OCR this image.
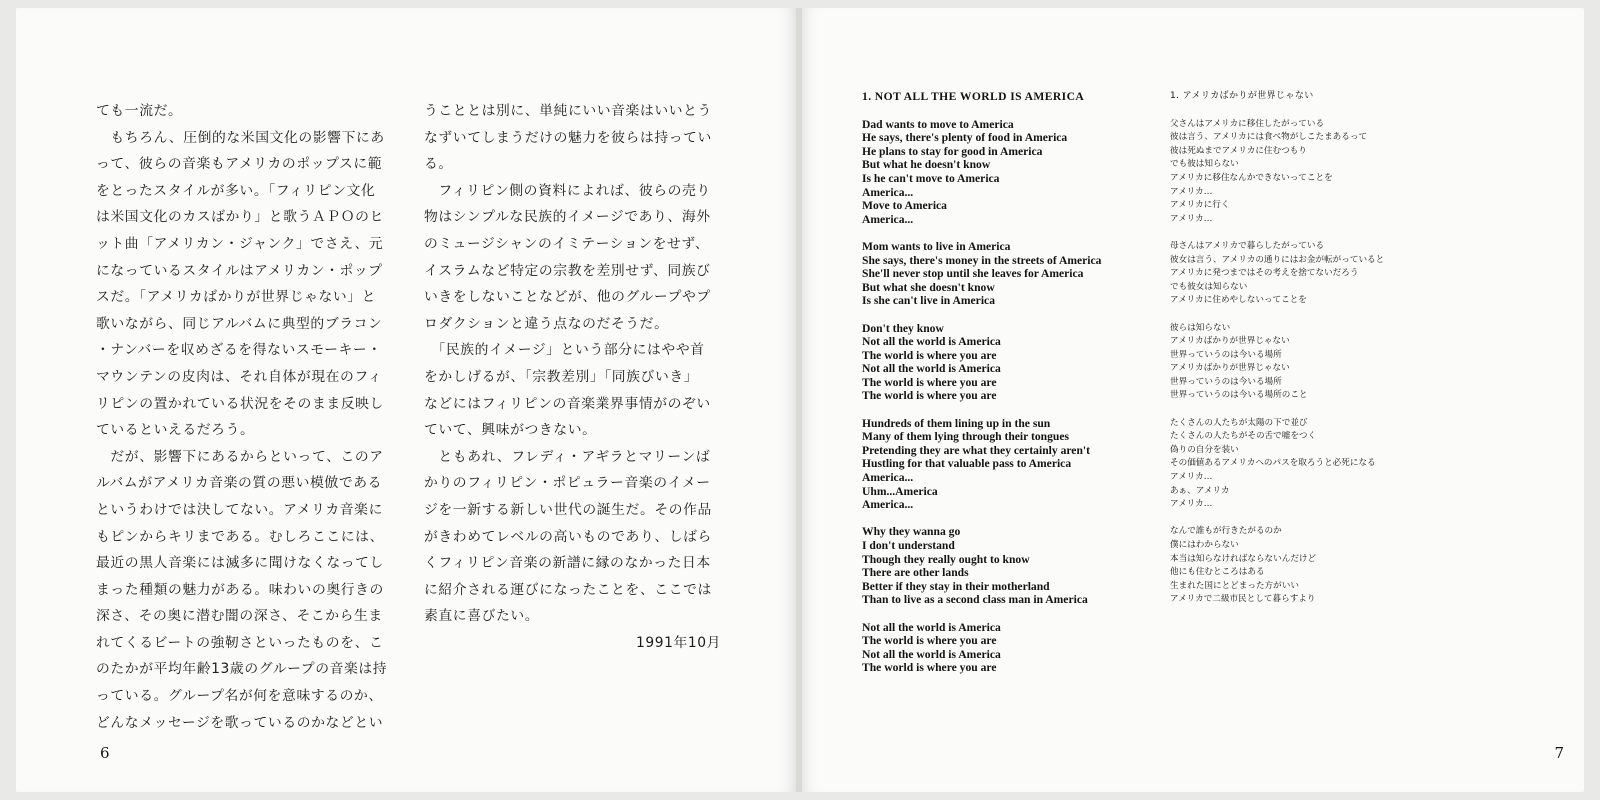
ても一流だ。

　もちろん、圧倒的な米国文化の影響下にあ

って、彼らの音楽もアメリカのポップスに範

をとったスタイルが多い。「フィリピン文化

は米国文化のカスばかり」と歌うＡＰＯのヒ

ット曲「アメリカン・ジャンク」でさえ、元

になっているスタイルはアメリカン・ポップ

スだ。「アメリカばかりが世界じゃない」と

歌いながら、同じアルバムに典型的ブラコン

・ナンバーを収めざるを得ないスモーキー・

マウンテンの皮肉は、それ自体が現在のフィ

リピンの置かれている状況をそのまま反映し

ているといえるだろう。

　だが、影響下にあるからといって、このア

ルバムがアメリカ音楽の質の悪い模倣である

というわけでは決してない。アメリカ音楽に

もピンからキリまである。むしろここには、

最近の黒人音楽には滅多に聞けなくなってし

まった種類の魅力がある。味わいの奥行きの

深さ、その奥に潜む闇の深さ、そこから生ま

れてくるビートの強靭さといったものを、こ

のたかが平均年齢13歳のグループの音楽は持

っている。グループ名が何を意味するのか、

どんなメッセージを歌っているのかなどとい

うこととは別に、単純にいい音楽はいいとう

なずいてしまうだけの魅力を彼らは持ってい

る。

　フィリピン側の資料によれば、彼らの売り

物はシンプルな民族的イメージであり、海外

のミュージシャンのイミテーションをせず、

イスラムなど特定の宗教を差別せず、同族び

いきをしないことなどが、他のグループやプ

ロダクションと違う点なのだそうだ。

　「民族的イメージ」という部分にはやや首

をかしげるが、「宗教差別」「同族びいき」

などにはフィリピンの音楽業界事情がのぞい

ていて、興味がつきない。

　ともあれ、フレディ・アギラとマリーンば

かりのフィリピン・ポピュラー音楽のイメー

ジを一新する新しい世代の誕生だ。その作品

がきわめてレベルの高いものであり、しばら

くフィリピン音楽の新譜に縁のなかった日本

に紹介される運びになったことを、ここでは

素直に喜びたい。

1991年10月

6
1. NOT ALL THE WORLD IS AMERICA
Dad wants to move to America
He says, there's plenty of food in America
He plans to stay for good in America
But what he doesn't know
Is he can't move to America
America...
Move to America
America...
Mom wants to live in America
She says, there's money in the streets of America
She'll never stop until she leaves for America
But what she doesn't know
Is she can't live in America
Don't they know
Not all the world is America
The world is where you are
Not all the world is America
The world is where you are
The world is where you are
Hundreds of them lining up in the sun
Many of them lying through their tongues
Pretending they are what they certainly aren't
Hustling for that valuable pass to America
America...
Uhm...America
America...
Why they wanna go
I don't understand
Though they really ought to know
There are other lands
Better if they stay in their motherland
Than to live as a second class man in America
Not all the world is America
The world is where you are
Not all the world is America
The world is where you are
1. アメリカばかりが世界じゃない
父さんはアメリカに移住したがっている
彼は言う、アメリカには食べ物がしこたまあるって
彼は死ぬまでアメリカに住むつもり
でも彼は知らない
アメリカに移住なんかできないってことを
アメリカ…
アメリカに行く
アメリカ…
母さんはアメリカで暮らしたがっている
彼女は言う、アメリカの通りにはお金が転がっていると
アメリカに発つまではその考えを捨てないだろう
でも彼女は知らない
アメリカに住めやしないってことを
彼らは知らない
アメリカばかりが世界じゃない
世界っていうのは今いる場所
アメリカばかりが世界じゃない
世界っていうのは今いる場所
世界っていうのは今いる場所のこと
たくさんの人たちが太陽の下で並び
たくさんの人たちがその舌で嘘をつく
偽りの自分を装い
その価値あるアメリカへのパスを取ろうと必死になる
アメリカ…
あぁ、アメリカ
アメリカ…
なんで誰もが行きたがるのか
僕にはわからない
本当は知らなければならないんだけど
他にも住むところはある
生まれた国にとどまった方がいい
アメリカで二級市民として暮らすより
7
